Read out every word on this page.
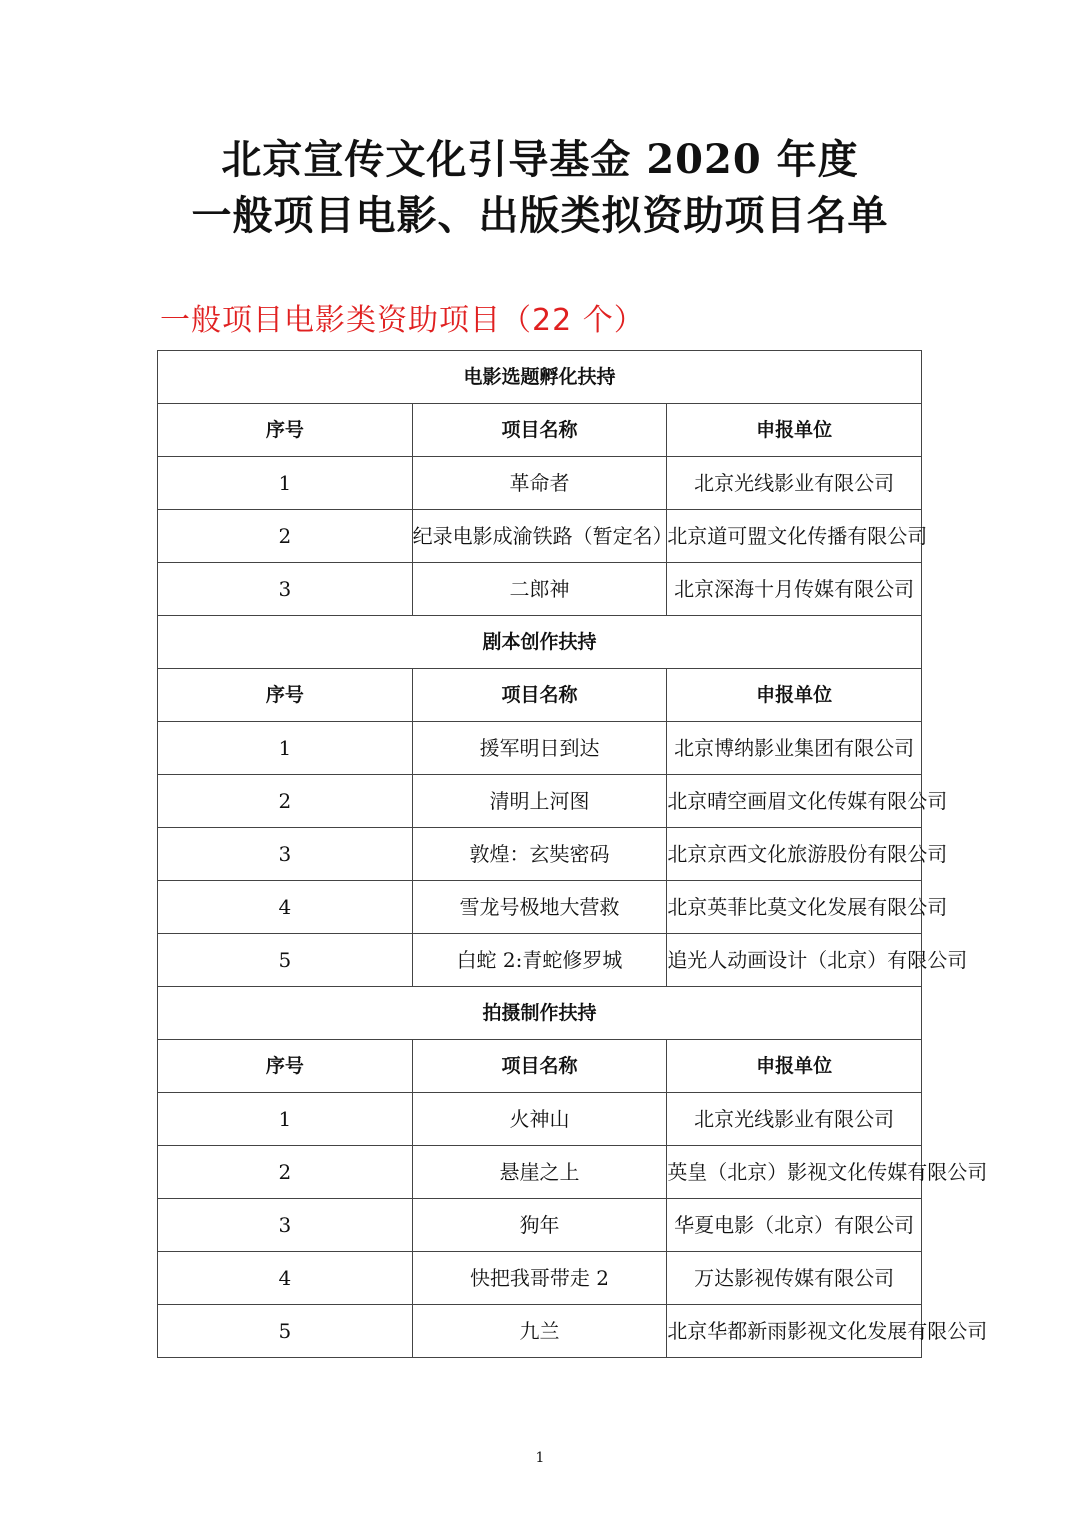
北京宣传文化引导基金 2020 年度
一般项目电影、出版类拟资助项目名单
一般项目电影类资助项目（22 个）
电影选题孵化扶持		
序号	项目名称	申报单位
1	革命者	北京光线影业有限公司
2	纪录电影成渝铁路（暂定名）	北京道可盟文化传播有限公司
3	二郎神	北京深海十月传媒有限公司
剧本创作扶持		
序号	项目名称	申报单位
1	援军明日到达	北京博纳影业集团有限公司
2	清明上河图	北京晴空画眉文化传媒有限公司
3	敦煌：玄奘密码	北京京西文化旅游股份有限公司
4	雪龙号极地大营救	北京英菲比莫文化发展有限公司
5	白蛇 2:青蛇修罗城	追光人动画设计（北京）有限公司
拍摄制作扶持		
序号	项目名称	申报单位
1	火神山	北京光线影业有限公司
2	悬崖之上	英皇（北京）影视文化传媒有限公司
3	狗年	华夏电影（北京）有限公司
4	快把我哥带走 2	万达影视传媒有限公司
5	九兰	北京华都新雨影视文化发展有限公司
1
